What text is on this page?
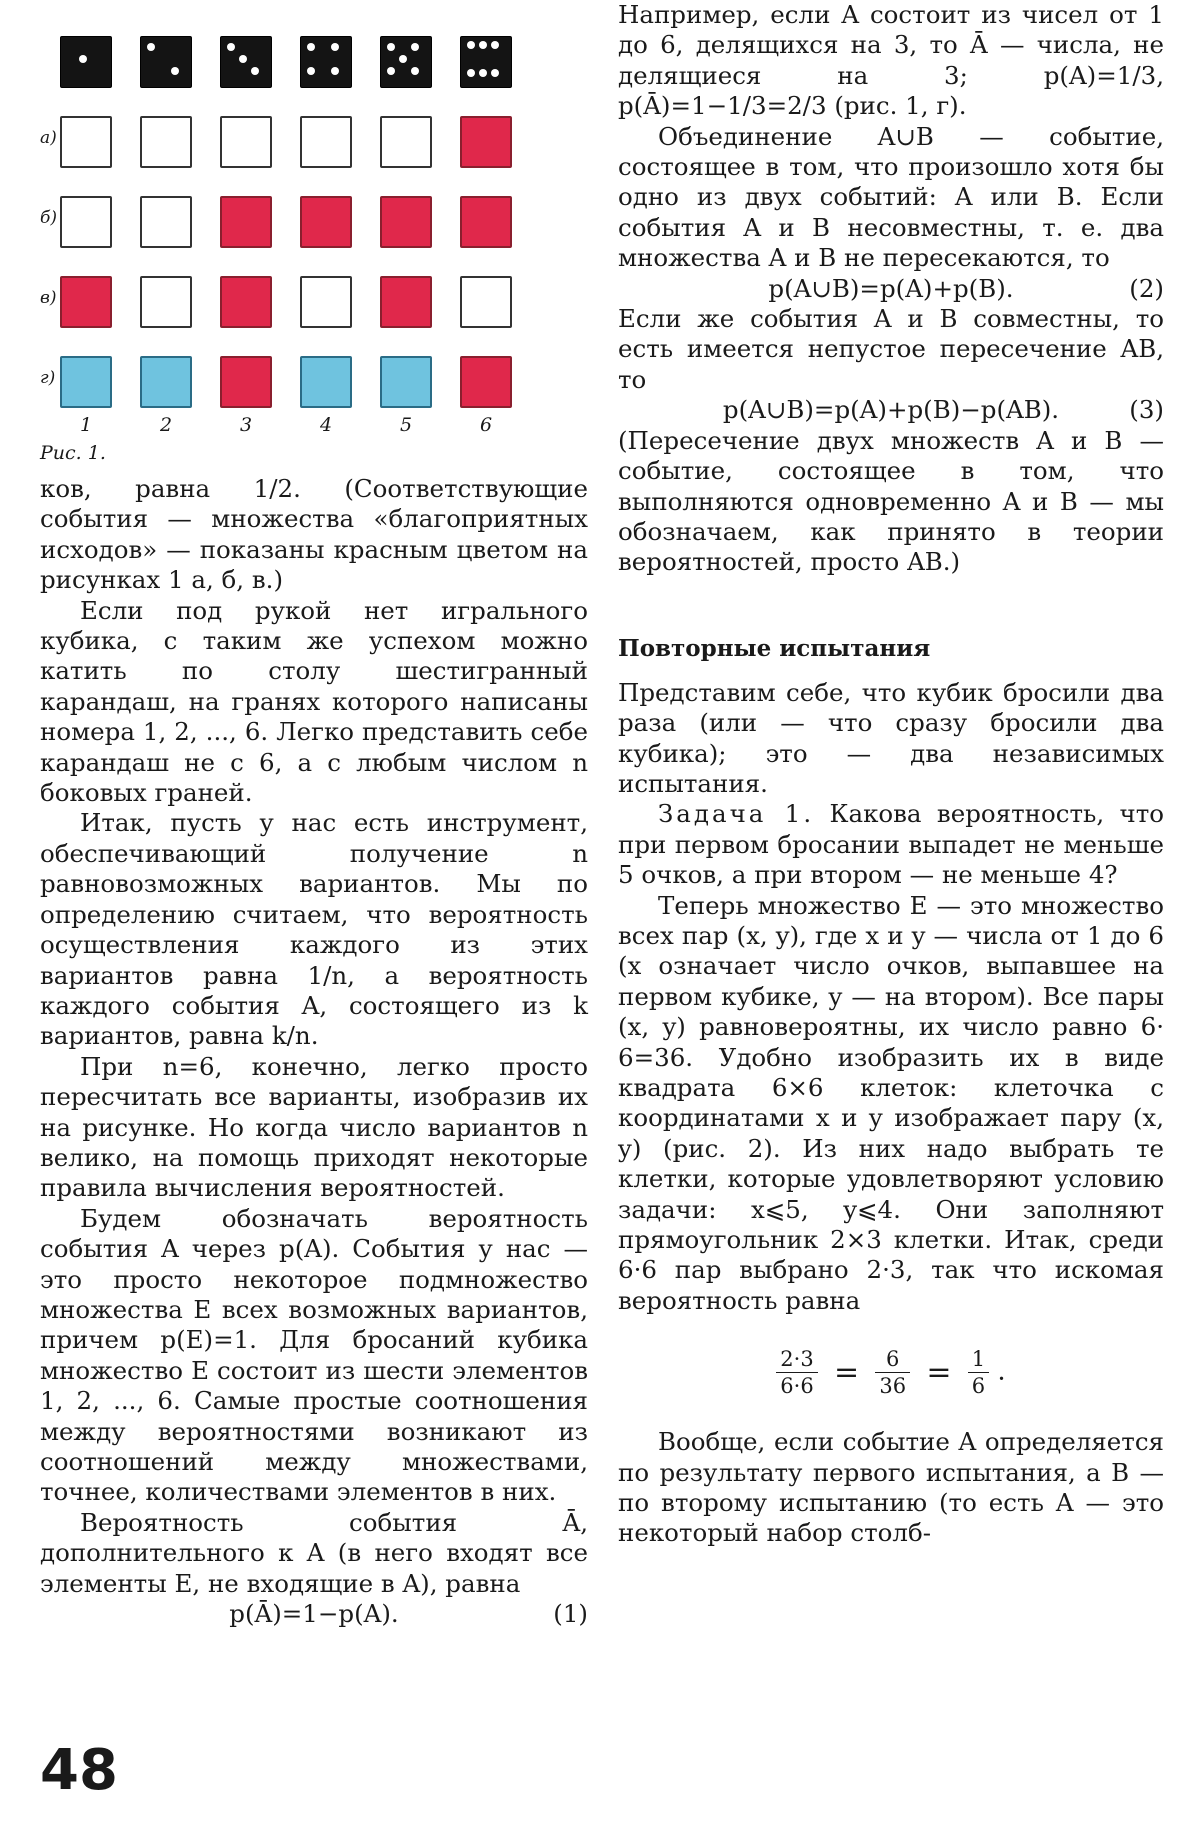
а)
б)
в)
г)
1	2	3	4	5	6
Рис. 1.

ков, равна 1/2. (Соответствующие события — множества «благоприятных исходов» — показаны красным цветом на рисунках 1 а, б, в.)

Если под рукой нет игрального кубика, с таким же успехом можно катить по столу шестигранный карандаш, на гранях которого написаны номера 1, 2, ..., 6. Легко представить себе карандаш не с 6, а с любым числом n боковых граней.

Итак, пусть у нас есть инструмент, обеспечивающий получение n равновозможных вариантов. Мы по определению считаем, что вероятность осуществления каждого из этих вариантов равна 1/n, а вероятность каждого события A, состоящего из k вариантов, равна k/n.

При n=6, конечно, легко просто пересчитать все варианты, изобразив их на рисунке. Но когда число вариантов n велико, на помощь приходят некоторые правила вычисления вероятностей.

Будем обозначать вероятность события A через p(A). События у нас — это просто некоторое подмножество множества E всех возможных вариантов, причем p(E)=1. Для бросаний кубика множество E состоит из шести элементов 1, 2, ..., 6. Самые простые соотношения между вероятностями возникают из соотношений между множествами, точнее, количествами элементов в них.

Вероятность события Ā, дополнительного к A (в него входят все элементы E, не входящие в A), равна

p(Ā)=1−p(A).	(1)

Например, если A состоит из чисел от 1 до 6, делящихся на 3, то Ā — числа, не делящиеся на 3; p(A)=1/3, p(Ā)=1−1/3=2/3 (рис. 1, г).

Объединение A∪B — событие, состоящее в том, что произошло хотя бы одно из двух событий: A или B. Если события A и B несовместны, т. е. два множества A и B не пересекаются, то

p(A∪B)=p(A)+p(B).	(2)

Если же события A и B совместны, то есть имеется непустое пересечение AB, то

p(A∪B)=p(A)+p(B)−p(AB).	(3)

(Пересечение двух множеств A и B — событие, состоящее в том, что выполняются одновременно A и B — мы обозначаем, как принято в теории вероятностей, просто AB.)

Повторные испытания

Представим себе, что кубик бросили два раза (или — что сразу бросили два кубика); это — два независимых испытания.

Задача 1. Какова вероятность, что при первом бросании выпадет не меньше 5 очков, а при втором — не меньше 4?

Теперь множество E — это множество всех пар (x, y), где x и y — числа от 1 до 6 (x означает число очков, выпавшее на первом кубике, y — на втором). Все пары (x, y) равновероятны, их число равно 6· 6=36. Удобно изобразить их в виде квадрата 6×6 клеток: клеточка с координатами x и y изображает пару (x, y) (рис. 2). Из них надо выбрать те клетки, которые удовлетворяют условию задачи: x⩽5, y⩽4. Они заполняют прямоугольник 2×3 клетки. Итак, среди 6·6 пар выбрано 2·3, так что искомая вероятность равна

$\frac{2\cdot 3}{6\cdot 6} = \frac{6}{36} = \frac{1}{6}$ .

Вообще, если событие A определяется по результату первого испытания, а B — по второму испытанию (то есть A — это некоторый набор столб-

48
